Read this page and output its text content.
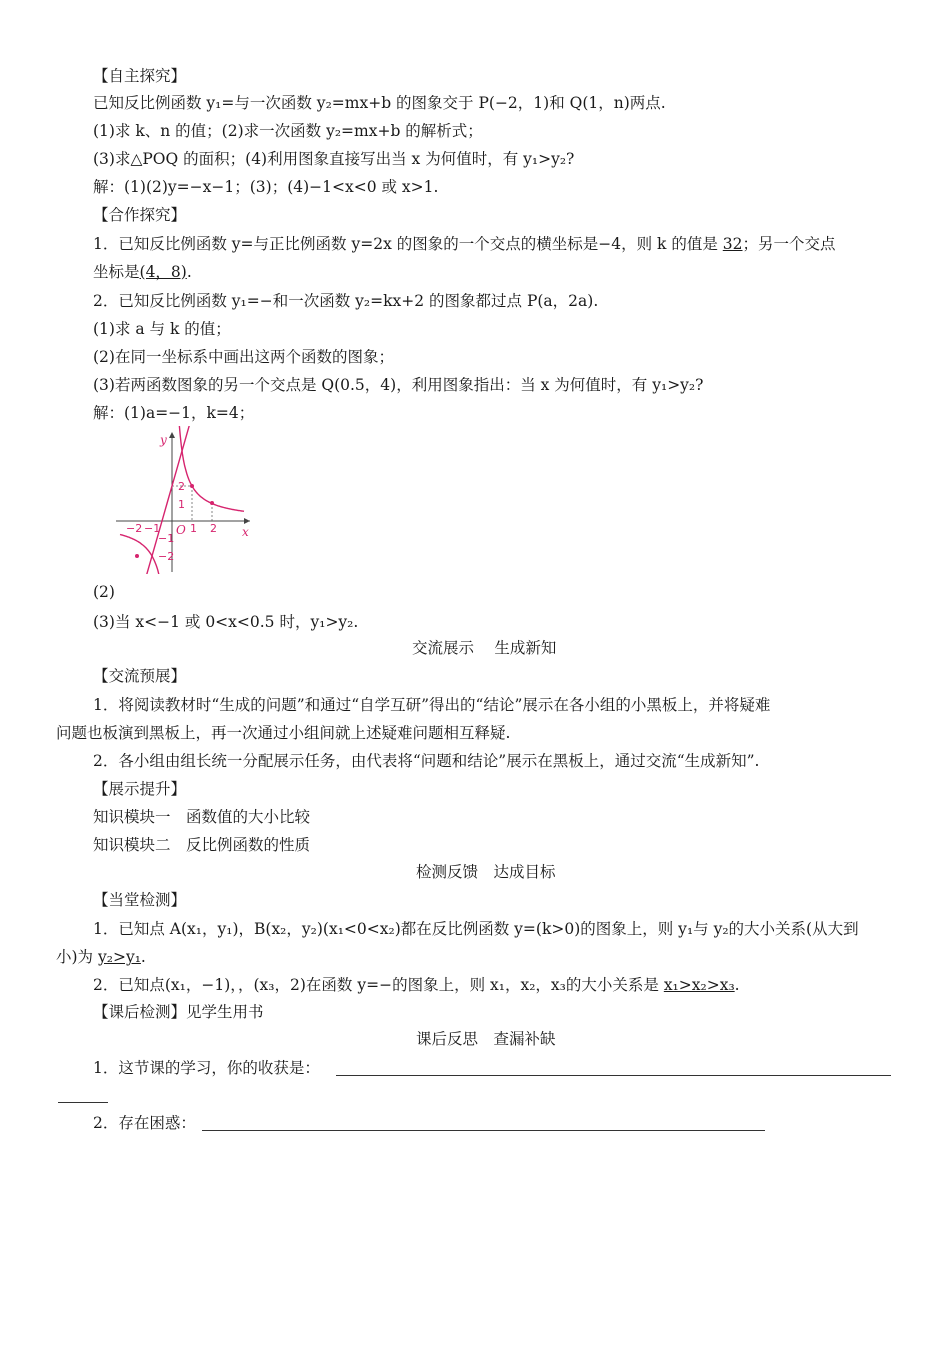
【自主探究】
已知反比例函数 y₁=与一次函数 y₂=mx+b 的图象交于 P(−2，1)和 Q(1，n)两点.
(1)求 k、n 的值；(2)求一次函数 y₂=mx+b 的解析式；
(3)求△POQ 的面积；(4)利用图象直接写出当 x 为何值时，有 y₁>y₂?
解：(1)(2)y=−x−1；(3)；(4)−1<x<0 或 x>1.
【合作探究】
1．已知反比例函数 y=与正比例函数 y=2x 的图象的一个交点的横坐标是−4，则 k 的值是 32；另一个交点
坐标是(4，8).
2．已知反比例函数 y₁=−和一次函数 y₂=kx+2 的图象都过点 P(a，2a).
(1)求 a 与 k 的值；
(2)在同一坐标系中画出这两个函数的图象；
(3)若两函数图象的另一个交点是 Q(0.5，4)，利用图象指出：当 x 为何值时，有 y₁>y₂?
解：(1)a=−1，k=4；
y
x
O
−2 −1	1 2
2
1
−1
−2
(2)
(3)当 x<−1 或 0<x<0.5 时，y₁>y₂.
交流展示　 生成新知
【交流预展】
1．将阅读教材时“生成的问题”和通过“自学互研”得出的“结论”展示在各小组的小黑板上，并将疑难
问题也板演到黑板上，再一次通过小组间就上述疑难问题相互释疑.
2．各小组由组长统一分配展示任务，由代表将“问题和结论”展示在黑板上，通过交流“生成新知”.
【展示提升】
知识模块一　函数值的大小比较
知识模块二　反比例函数的性质
检测反馈　达成目标
【当堂检测】
1．已知点 A(x₁，y₁)，B(x₂，y₂)(x₁<0<x₂)都在反比例函数 y=(k>0)的图象上，则 y₁与 y₂的大小关系(从大到
小)为 y₂>y₁.
2．已知点(x₁，−1)，，(x₃，2)在函数 y=−的图象上，则 x₁，x₂，x₃的大小关系是 x₁>x₂>x₃.
【课后检测】见学生用书
课后反思　查漏补缺
1．这节课的学习，你的收获是：
2．存在困惑：
